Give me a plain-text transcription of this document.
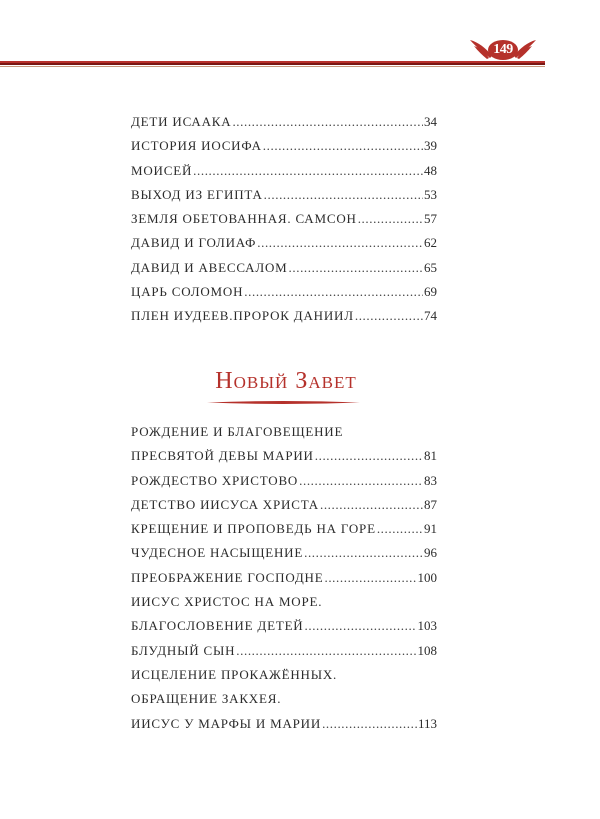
149
ДЕТИ ИСААКА .....	34
ИСТОРИЯ ИОСИФА .....	39
МОИСЕЙ .....	48
ВЫХОД ИЗ ЕГИПТА .....	53
ЗЕМЛЯ ОБЕТОВАННАЯ. САМСОН .....	57
ДАВИД И ГОЛИАФ .....	62
ДАВИД И АВЕССАЛОМ .....	65
ЦАРЬ СОЛОМОН .....	69
ПЛЕН ИУДЕЕВ.ПРОРОК ДАНИИЛ .....	74
Новый Завет
РОЖДЕНИЕ И БЛАГОВЕЩЕНИЕ
ПРЕСВЯТОЙ ДЕВЫ МАРИИ .....	81
РОЖДЕСТВО ХРИСТОВО .....	83
ДЕТСТВО ИИСУСА ХРИСТА .....	87
КРЕЩЕНИЕ И ПРОПОВЕДЬ НА ГОРЕ .....	91
ЧУДЕСНОЕ НАСЫЩЕНИЕ .....	96
ПРЕОБРАЖЕНИЕ ГОСПОДНЕ .....	100
ИИСУС ХРИСТОС НА МОРЕ.
БЛАГОСЛОВЕНИЕ ДЕТЕЙ .....	103
БЛУДНЫЙ СЫН .....	108
ИСЦЕЛЕНИЕ ПРОКАЖЁННЫХ.
ОБРАЩЕНИЕ ЗАКХЕЯ.
ИИСУС У МАРФЫ И МАРИИ .....	113
